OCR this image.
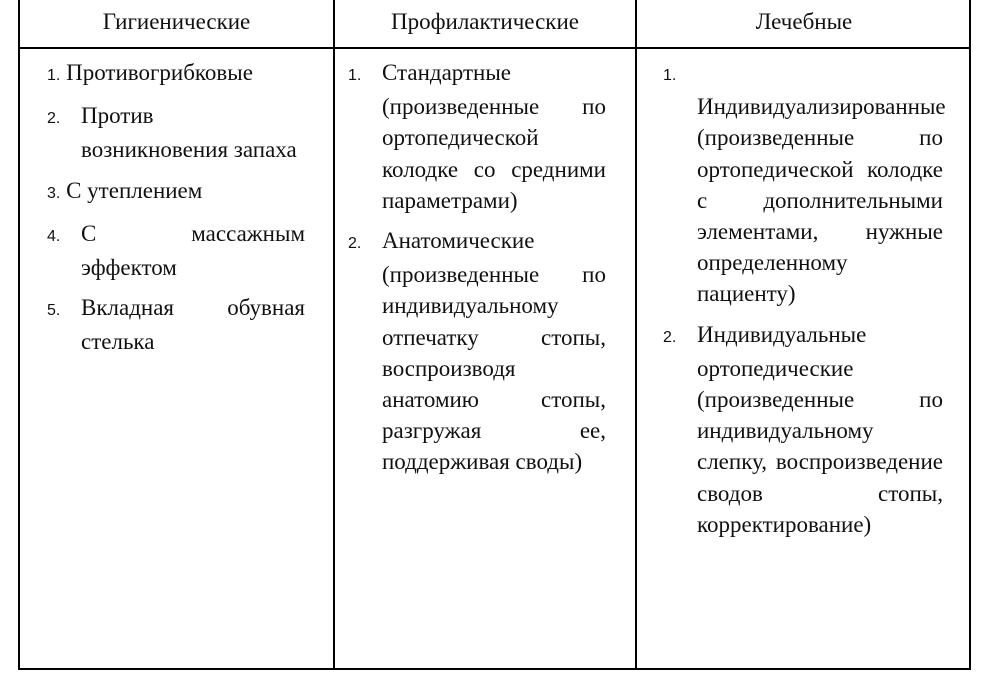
Гигиенические	Профилактические	Лечебные
1. Противогрибковые
2. Против возникновения запаха
3. С утеплением
4. С массажным эффектом
5. Вкладная обувная стелька
1. Стандартные (произведенные по ортопедической колодке со средними параметрами)
2. Анатомические (произведенные по индивидуальному отпечатку стопы, воспроизводя анатомию стопы, разгружая ее, поддерживая своды)
1.Индивидуализированные (произведенные по ортопедической колодке с дополнительными элементами, нужные определенному пациенту)
2. Индивидуальные ортопедические (произведенные по индивидуальному слепку, воспроизведение сводов стопы, корректирование)
